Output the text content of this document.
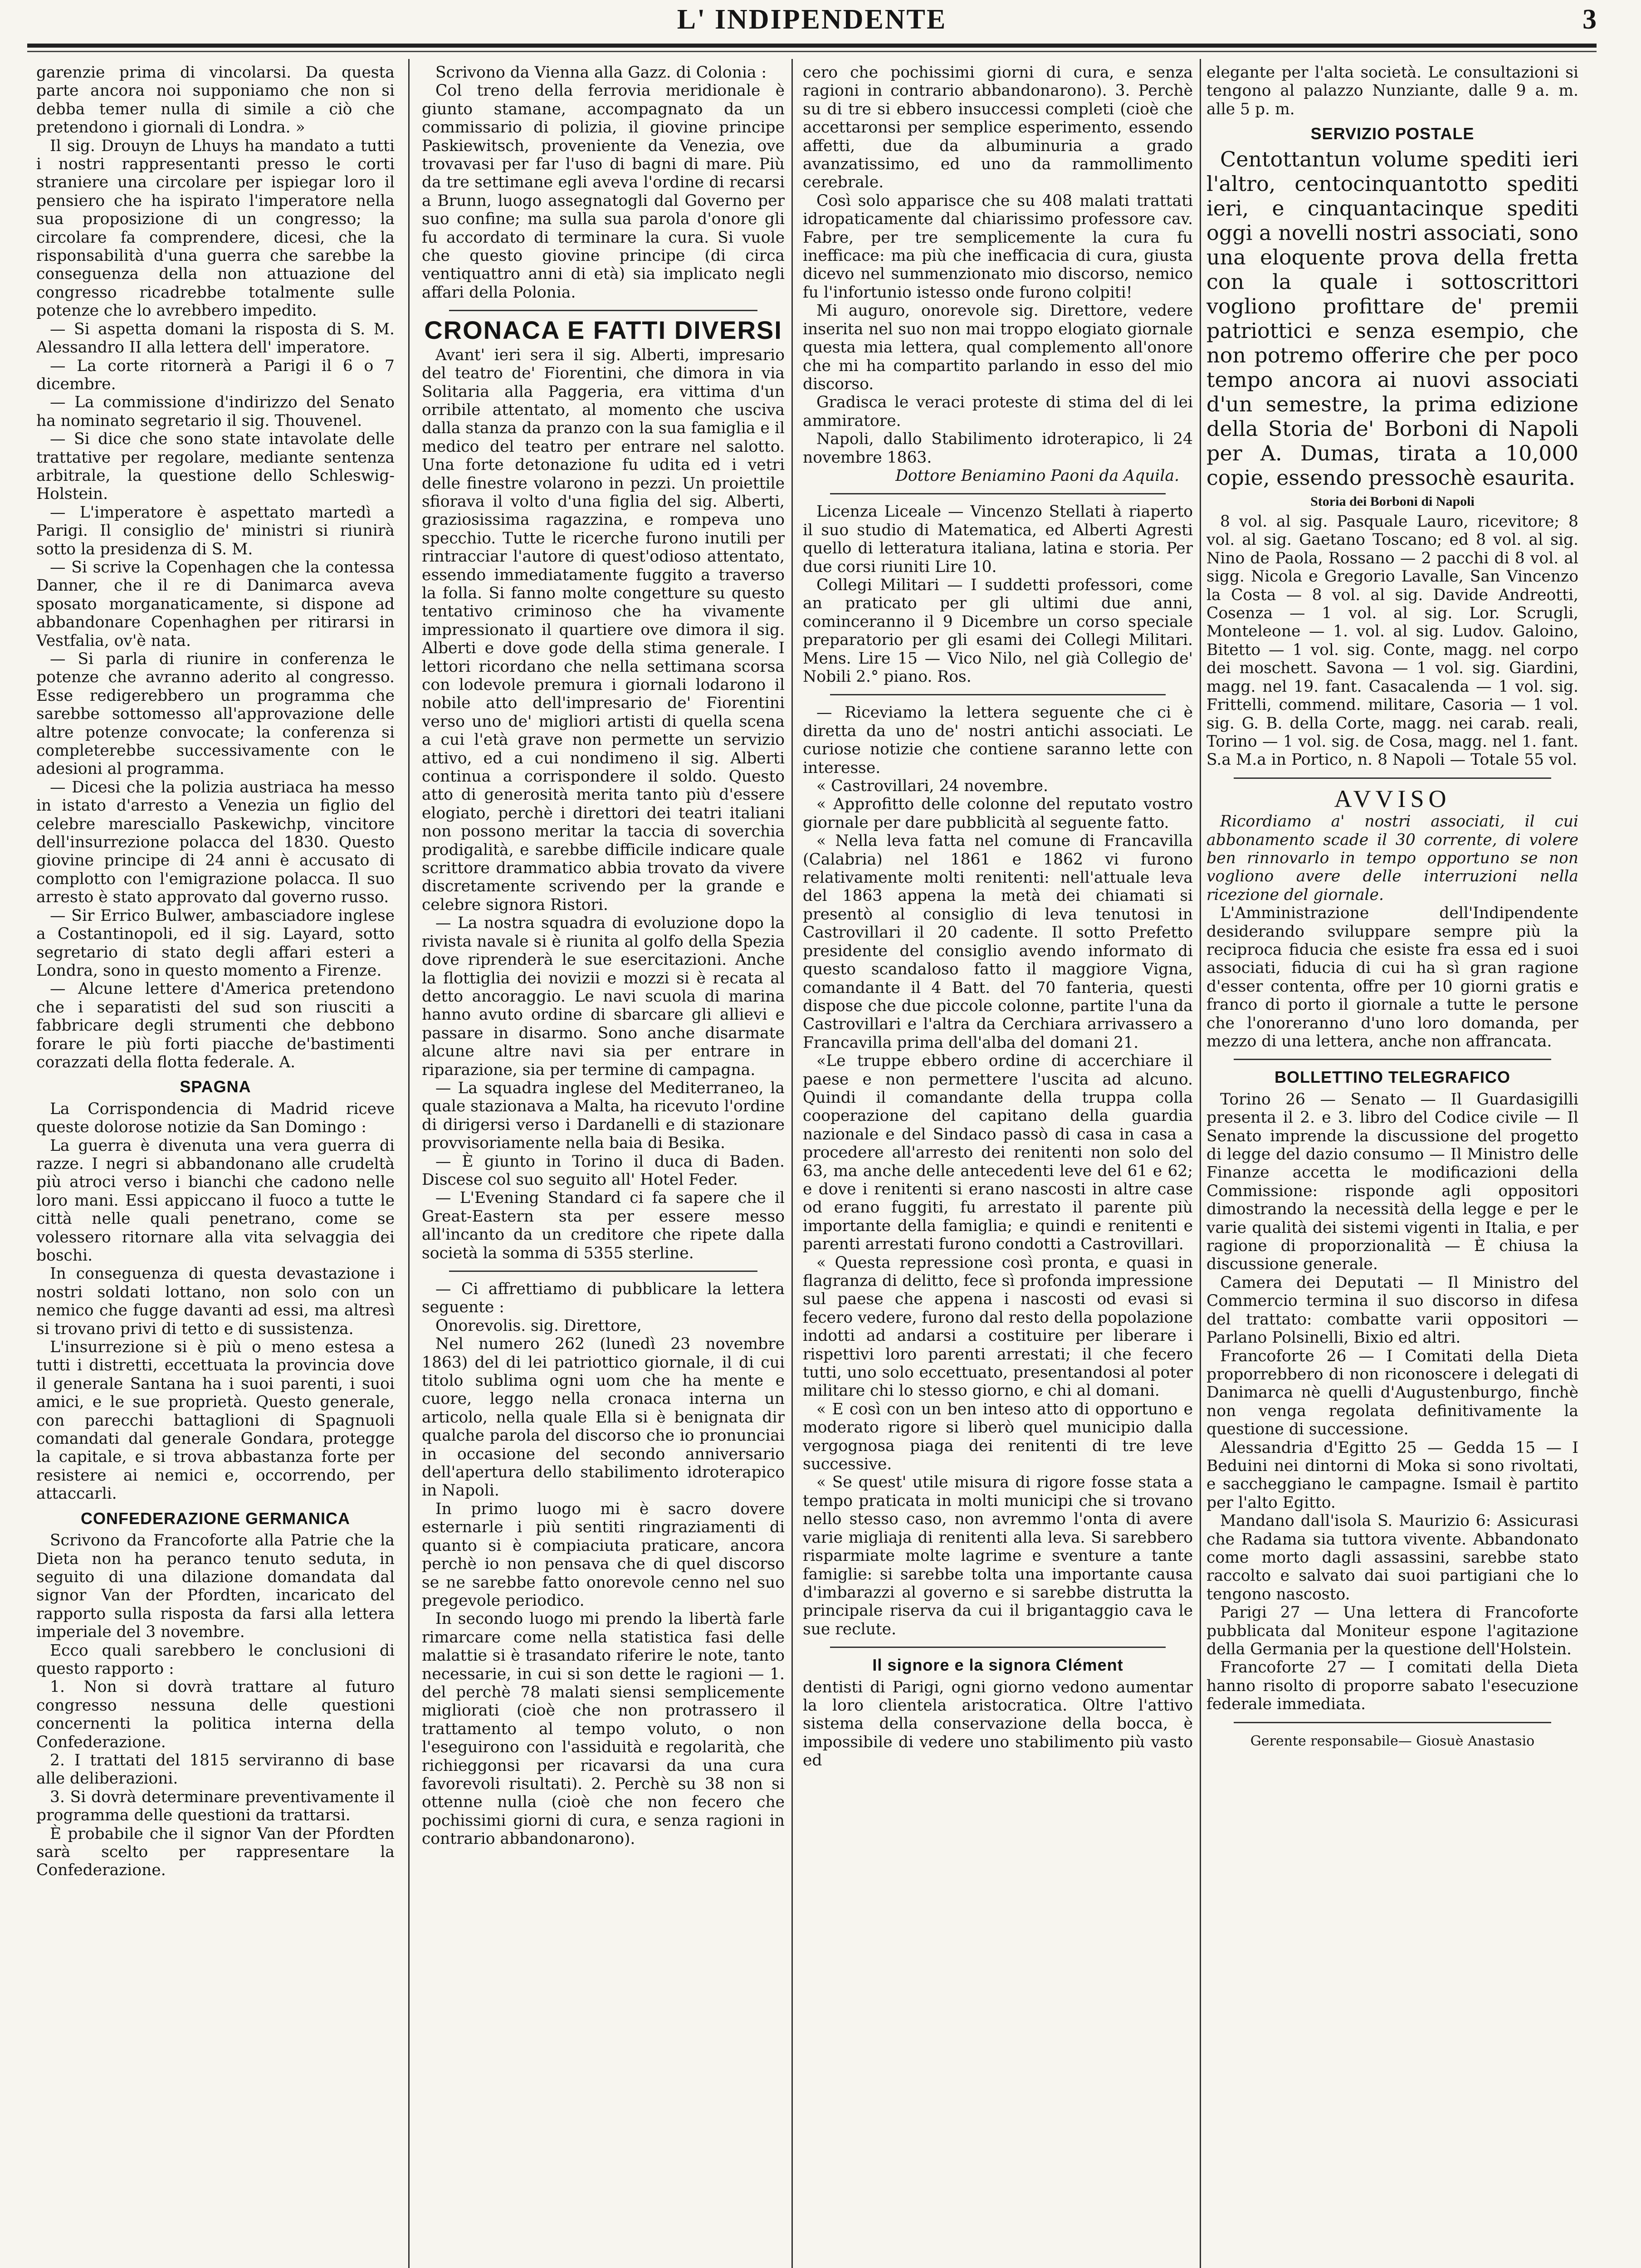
L' INDIPENDENTE	3

garenzie prima di vincolarsi. Da questa parte ancora noi supponiamo che non si debba temer nulla di simile a ciò che pretendono i giornali di Londra. »

Il sig. Drouyn de Lhuys ha mandato a tutti i nostri rappresentanti presso le corti straniere una circolare per ispiegar loro il pensiero che ha ispirato l'imperatore nella sua proposizione di un congresso; la circolare fa comprendere, dicesi, che la risponsabilità d'una guerra che sarebbe la conseguenza della non attuazione del congresso ricadrebbe totalmente sulle potenze che lo avrebbero impedito.

— Si aspetta domani la risposta di S. M. Alessandro II alla lettera dell' imperatore.

— La corte ritornerà a Parigi il 6 o 7 dicembre.

— La commissione d'indirizzo del Senato ha nominato segretario il sig. Thouvenel.

— Si dice che sono state intavolate delle trattative per regolare, mediante sentenza arbitrale, la questione dello Schleswig-Holstein.

— L'imperatore è aspettato martedì a Parigi. Il consiglio de' ministri si riunirà sotto la presidenza di S. M.

— Si scrive la Copenhagen che la contessa Danner, che il re di Danimarca aveva sposato morganaticamente, si dispone ad abbandonare Copenhaghen per ritirarsi in Vestfalia, ov'è nata.

— Si parla di riunire in conferenza le potenze che avranno aderito al congresso. Esse redigerebbero un programma che sarebbe sottomesso all'approvazione delle altre potenze convocate; la conferenza si completerebbe successivamente con le adesioni al programma.

— Dicesi che la polizia austriaca ha messo in istato d'arresto a Venezia un figlio del celebre maresciallo Paskewichp, vincitore dell'insurrezione polacca del 1830. Questo giovine principe di 24 anni è accusato di complotto con l'emigrazione polacca. Il suo arresto è stato approvato dal governo russo.

— Sir Errico Bulwer, ambasciadore inglese a Costantinopoli, ed il sig. Layard, sotto segretario di stato degli affari esteri a Londra, sono in questo momento a Firenze.

— Alcune lettere d'America pretendono che i separatisti del sud son riusciti a fabbricare degli strumenti che debbono forare le più forti piacche de'bastimenti corazzati della flotta federale. A.

SPAGNA

La Corrispondencia di Madrid riceve queste dolorose notizie da San Domingo :

La guerra è divenuta una vera guerra di razze. I negri si abbandonano alle crudeltà più atroci verso i bianchi che cadono nelle loro mani. Essi appiccano il fuoco a tutte le città nelle quali penetrano, come se volessero ritornare alla vita selvaggia dei boschi.

In conseguenza di questa devastazione i nostri soldati lottano, non solo con un nemico che fugge davanti ad essi, ma altresì si trovano privi di tetto e di sussistenza.

L'insurrezione si è più o meno estesa a tutti i distretti, eccettuata la provincia dove il generale Santana ha i suoi parenti, i suoi amici, e le sue proprietà. Questo generale, con parecchi battaglioni di Spagnuoli comandati dal generale Gondara, protegge la capitale, e si trova abbastanza forte per resistere ai nemici e, occorrendo, per attaccarli.

CONFEDERAZIONE GERMANICA

Scrivono da Francoforte alla Patrie che la Dieta non ha peranco tenuto seduta, in seguito di una dilazione domandata dal signor Van der Pfordten, incaricato del rapporto sulla risposta da farsi alla lettera imperiale del 3 novembre.

Ecco quali sarebbero le conclusioni di questo rapporto :

1. Non si dovrà trattare al futuro congresso nessuna delle questioni concernenti la politica interna della Confederazione.

2. I trattati del 1815 serviranno di base alle deliberazioni.

3. Si dovrà determinare preventivamente il programma delle questioni da trattarsi.

È probabile che il signor Van der Pfordten sarà scelto per rappresentare la Confederazione.

Scrivono da Vienna alla Gazz. di Colonia :

Col treno della ferrovia meridionale è giunto stamane, accompagnato da un commissario di polizia, il giovine principe Paskiewitsch, proveniente da Venezia, ove trovavasi per far l'uso di bagni di mare. Più da tre settimane egli aveva l'ordine di recarsi a Brunn, luogo assegnatogli dal Governo per suo confine; ma sulla sua parola d'onore gli fu accordato di terminare la cura. Si vuole che questo giovine principe (di circa ventiquattro anni di età) sia implicato negli affari della Polonia.

CRONACA E FATTI DIVERSI

Avant' ieri sera il sig. Alberti, impresario del teatro de' Fiorentini, che dimora in via Solitaria alla Paggeria, era vittima d'un orribile attentato, al momento che usciva dalla stanza da pranzo con la sua famiglia e il medico del teatro per entrare nel salotto. Una forte detonazione fu udita ed i vetri delle finestre volarono in pezzi. Un proiettile sfiorava il volto d'una figlia del sig. Alberti, graziosissima ragazzina, e rompeva uno specchio. Tutte le ricerche furono inutili per rintracciar l'autore di quest'odioso attentato, essendo immediatamente fuggito a traverso la folla. Si fanno molte congetture su questo tentativo criminoso che ha vivamente impressionato il quartiere ove dimora il sig. Alberti e dove gode della stima generale. I lettori ricordano che nella settimana scorsa con lodevole premura i giornali lodarono il nobile atto dell'impresario de' Fiorentini verso uno de' migliori artisti di quella scena a cui l'età grave non permette un servizio attivo, ed a cui nondimeno il sig. Alberti continua a corrispondere il soldo. Questo atto di generosità merita tanto più d'essere elogiato, perchè i direttori dei teatri italiani non possono meritar la taccia di soverchia prodigalità, e sarebbe difficile indicare quale scrittore drammatico abbia trovato da vivere discretamente scrivendo per la grande e celebre signora Ristori.

— La nostra squadra di evoluzione dopo la rivista navale si è riunita al golfo della Spezia dove riprenderà le sue esercitazioni. Anche la flottiglia dei novizii e mozzi si è recata al detto ancoraggio. Le navi scuola di marina hanno avuto ordine di sbarcare gli allievi e passare in disarmo. Sono anche disarmate alcune altre navi sia per entrare in riparazione, sia per termine di campagna.

— La squadra inglese del Mediterraneo, la quale stazionava a Malta, ha ricevuto l'ordine di dirigersi verso i Dardanelli e di stazionare provvisoriamente nella baia di Besika.

— È giunto in Torino il duca di Baden. Discese col suo seguito all' Hotel Feder.

— L'Evening Standard ci fa sapere che il Great-Eastern sta per essere messo all'incanto da un creditore che ripete dalla società la somma di 5355 sterline.

— Ci affrettiamo di pubblicare la lettera seguente :

Onorevolis. sig. Direttore,

Nel numero 262 (lunedì 23 novembre 1863) del di lei patriottico giornale, il di cui titolo sublima ogni uom che ha mente e cuore, leggo nella cronaca interna un articolo, nella quale Ella si è benignata dir qualche parola del discorso che io pronunciai in occasione del secondo anniversario dell'apertura dello stabilimento idroterapico in Napoli.

In primo luogo mi è sacro dovere esternarle i più sentiti ringraziamenti di quanto si è compiaciuta praticare, ancora perchè io non pensava che di quel discorso se ne sarebbe fatto onorevole cenno nel suo pregevole periodico.

In secondo luogo mi prendo la libertà farle rimarcare come nella statistica fasi delle malattie si è trasandato riferire le note, tanto necessarie, in cui si son dette le ragioni — 1. del perchè 78 malati siensi semplicemente migliorati (cioè che non protrassero il trattamento al tempo voluto, o non l'eseguirono con l'assiduità e regolarità, che richieggonsi per ricavarsi da una cura favorevoli risultati). 2. Perchè su 38 non si ottenne nulla (cioè che non fecero che pochissimi giorni di cura, e senza ragioni in contrario abbandonarono).

cero che pochissimi giorni di cura, e senza ragioni in contrario abbandonarono). 3. Perchè su di tre si ebbero insuccessi completi (cioè che accettaronsi per semplice esperimento, essendo affetti, due da albuminuria a grado avanzatissimo, ed uno da rammollimento cerebrale.

Così solo appariscе che su 408 malati trattati idropaticamente dal chiarissimo professore cav. Fabre, per tre semplicemente la cura fu inefficace: ma più che inefficacia di cura, giusta dicevo nel summenzionato mio discorso, nemico fu l'infortunio istesso onde furono colpiti!

Mi auguro, onorevole sig. Direttore, vedere inserita nel suo non mai troppo elogiato giornale questa mia lettera, qual complemento all'onore che mi ha compartito parlando in esso del mio discorso.

Gradisca le veraci proteste di stima del di lei ammiratore.

Napoli, dallo Stabilimento idroterapico, li 24 novembre 1863.

Dottore Beniamino Paoni da Aquila.

Licenza Liceale — Vincenzo Stellati à riaperto il suo studio di Matematica, ed Alberti Agresti quello di letteratura italiana, latina e storia. Per due corsi riuniti Lire 10.

Collegi Militari — I suddetti professori, come an praticato per gli ultimi due anni, cominceranno il 9 Dicembre un corso speciale preparatorio per gli esami dei Collegi Militari. Mens. Lire 15 — Vico Nilo, nel già Collegio de' Nobili 2.° piano. Ros.

— Riceviamo la lettera seguente che ci è diretta da uno de' nostri antichi associati. Le curiose notizie che contiene saranno lette con interesse.

« Castrovillari, 24 novembre.

« Approfitto delle colonne del reputato vostro giornale per dare pubblicità al seguente fatto.

« Nella leva fatta nel comune di Francavilla (Calabria) nel 1861 e 1862 vi furono relativamente molti renitenti: nell'attuale leva del 1863 appena la metà dei chiamati si presentò al consiglio di leva tenutosi in Castrovillari il 20 cadente. Il sotto Prefetto presidente del consiglio avendo informato di questo scandaloso fatto il maggiore Vigna, comandante il 4 Batt. del 70 fanteria, questi dispose che due piccole colonne, partite l'una da Castrovillari e l'altra da Cerchiara arrivassero a Francavilla prima dell'alba del domani 21.

«Le truppe ebbero ordine di accerchiare il paese e non permettere l'uscita ad alcuno. Quindi il comandante della truppa colla cooperazione del capitano della guardia nazionale e del Sindaco passò di casa in casa a procedere all'arresto dei renitenti non solo del 63, ma anche delle antecedenti leve del 61 e 62; e dove i renitenti si erano nascosti in altre case od erano fuggiti, fu arrestato il parente più importante della famiglia; e quindi e renitenti e parenti arrestati furono condotti a Castrovillari.

« Questa repressione così pronta, e quasi in flagranza di delitto, fece sì profonda impressione sul paese che appena i nascosti od evasi si fecero vedere, furono dal resto della popolazione indotti ad andarsi a costituire per liberare i rispettivi loro parenti arrestati; il che fecero tutti, uno solo eccettuato, presentandosi al poter militare chi lo stesso giorno, e chi al domani.

« E così con un ben inteso atto di opportuno e moderato rigore si liberò quel municipio dalla vergognosa piaga dei renitenti di tre leve successive.

« Se quest' utile misura di rigore fosse stata a tempo praticata in molti municipi che si trovano nello stesso caso, non avremmo l'onta di avere varie migliaja di renitenti alla leva. Si sarebbero risparmiate molte lagrime e sventure a tante famiglie: si sarebbe tolta una importante causa d'imbarazzi al governo e si sarebbe distrutta la principale riserva da cui il brigantaggio cava le sue reclute.

Il signore e la signora Clément

dentisti di Parigi, ogni giorno vedono aumentar la loro clientela aristocratica. Oltre l'attivo sistema della conservazione della bocca, è impossibile di vedere uno stabilimento più vasto ed

elegante per l'alta società. Le consultazioni si tengono al palazzo Nunziante, dalle 9 a. m. alle 5 p. m.

SERVIZIO POSTALE

Centottantun volume spediti ieri l'altro, centocinquantotto spediti ieri, e cinquantacinque spediti oggi a novelli nostri associati, sono una eloquente prova della fretta con la quale i sottoscrittori vogliono profittare de' premii patriottici e senza esempio, che non potremo offerire che per poco tempo ancora ai nuovi associati d'un semestre, la prima edizione della Storia de' Borboni di Napoli per A. Dumas, tirata a 10,000 copie, essendo pressochè esaurita.

Storia dei Borboni di Napoli

8 vol. al sig. Pasquale Lauro, ricevitore; 8 vol. al sig. Gaetano Toscano; ed 8 vol. al sig. Nino de Paola, Rossano — 2 pacchi di 8 vol. al sigg. Nicola e Gregorio Lavalle, San Vincenzo la Costa — 8 vol. al sig. Davide Andreotti, Cosenza — 1 vol. al sig. Lor. Scrugli, Monteleone — 1. vol. al sig. Ludov. Galoino, Bitetto — 1 vol. sig. Conte, magg. nel corpo dei moschett. Savona — 1 vol. sig. Giardini, magg. nel 19. fant. Casacalenda — 1 vol. sig. Frittelli, commend. militare, Casoria — 1 vol. sig. G. B. della Corte, magg. nei carab. reali, Torino — 1 vol. sig. de Cosa, magg. nel 1. fant. S.a M.a in Portico, n. 8 Napoli — Totale 55 vol.

AVVISO

Ricordiamo a' nostri associati, il cui abbonamento scade il 30 corrente, di volere ben rinnovarlo in tempo opportuno se non vogliono avere delle interruzioni nella ricezione del giornale.

L'Amministrazione dell'Indipendente desiderando sviluppare sempre più la reciproca fiducia che esiste fra essa ed i suoi associati, fiducia di cui ha sì gran ragione d'esser contenta, offre per 10 giorni gratis e franco di porto il giornale a tutte le persone che l'onoreranno d'uno loro domanda, per mezzo di una lettera, anche non affrancata.

BOLLETTINO TELEGRAFICO

Torino 26 — Senato — Il Guardasigilli presenta il 2. e 3. libro del Codice civile — Il Senato imprende la discussione del progetto di legge del dazio consumo — Il Ministro delle Finanze accetta le modificazioni della Commissione: risponde agli oppositori dimostrando la necessità della legge e per le varie qualità dei sistemi vigenti in Italia, e per ragione di proporzionalità — È chiusa la discussione generale.

Camera dei Deputati — Il Ministro del Commercio termina il suo discorso in difesa del trattato: combatte varii oppositori — Parlano Polsinelli, Bixio ed altri.

Francoforte 26 — I Comitati della Dieta proporrebbero di non riconoscere i delegati di Danimarca nè quelli d'Augustenburgo, finchè non venga regolata definitivamente la questione di successione.

Alessandria d'Egitto 25 — Gedda 15 — I Beduini nei dintorni di Moka si sono rivoltati, e saccheggiano le campagne. Ismail è partito per l'alto Egitto.

Mandano dall'isola S. Maurizio 6: Assicurasi che Radama sia tuttora vivente. Abbandonato come morto dagli assassini, sarebbe stato raccolto e salvato dai suoi partigiani che lo tengono nascosto.

Parigi 27 — Una lettera di Francoforte pubblicata dal Moniteur espone l'agitazione della Germania per la questione dell'Holstein.

Francoforte 27 — I comitati della Dieta hanno risolto di proporre sabato l'esecuzione federale immediata.

Gerente responsabile— Giosuè Anastasio
